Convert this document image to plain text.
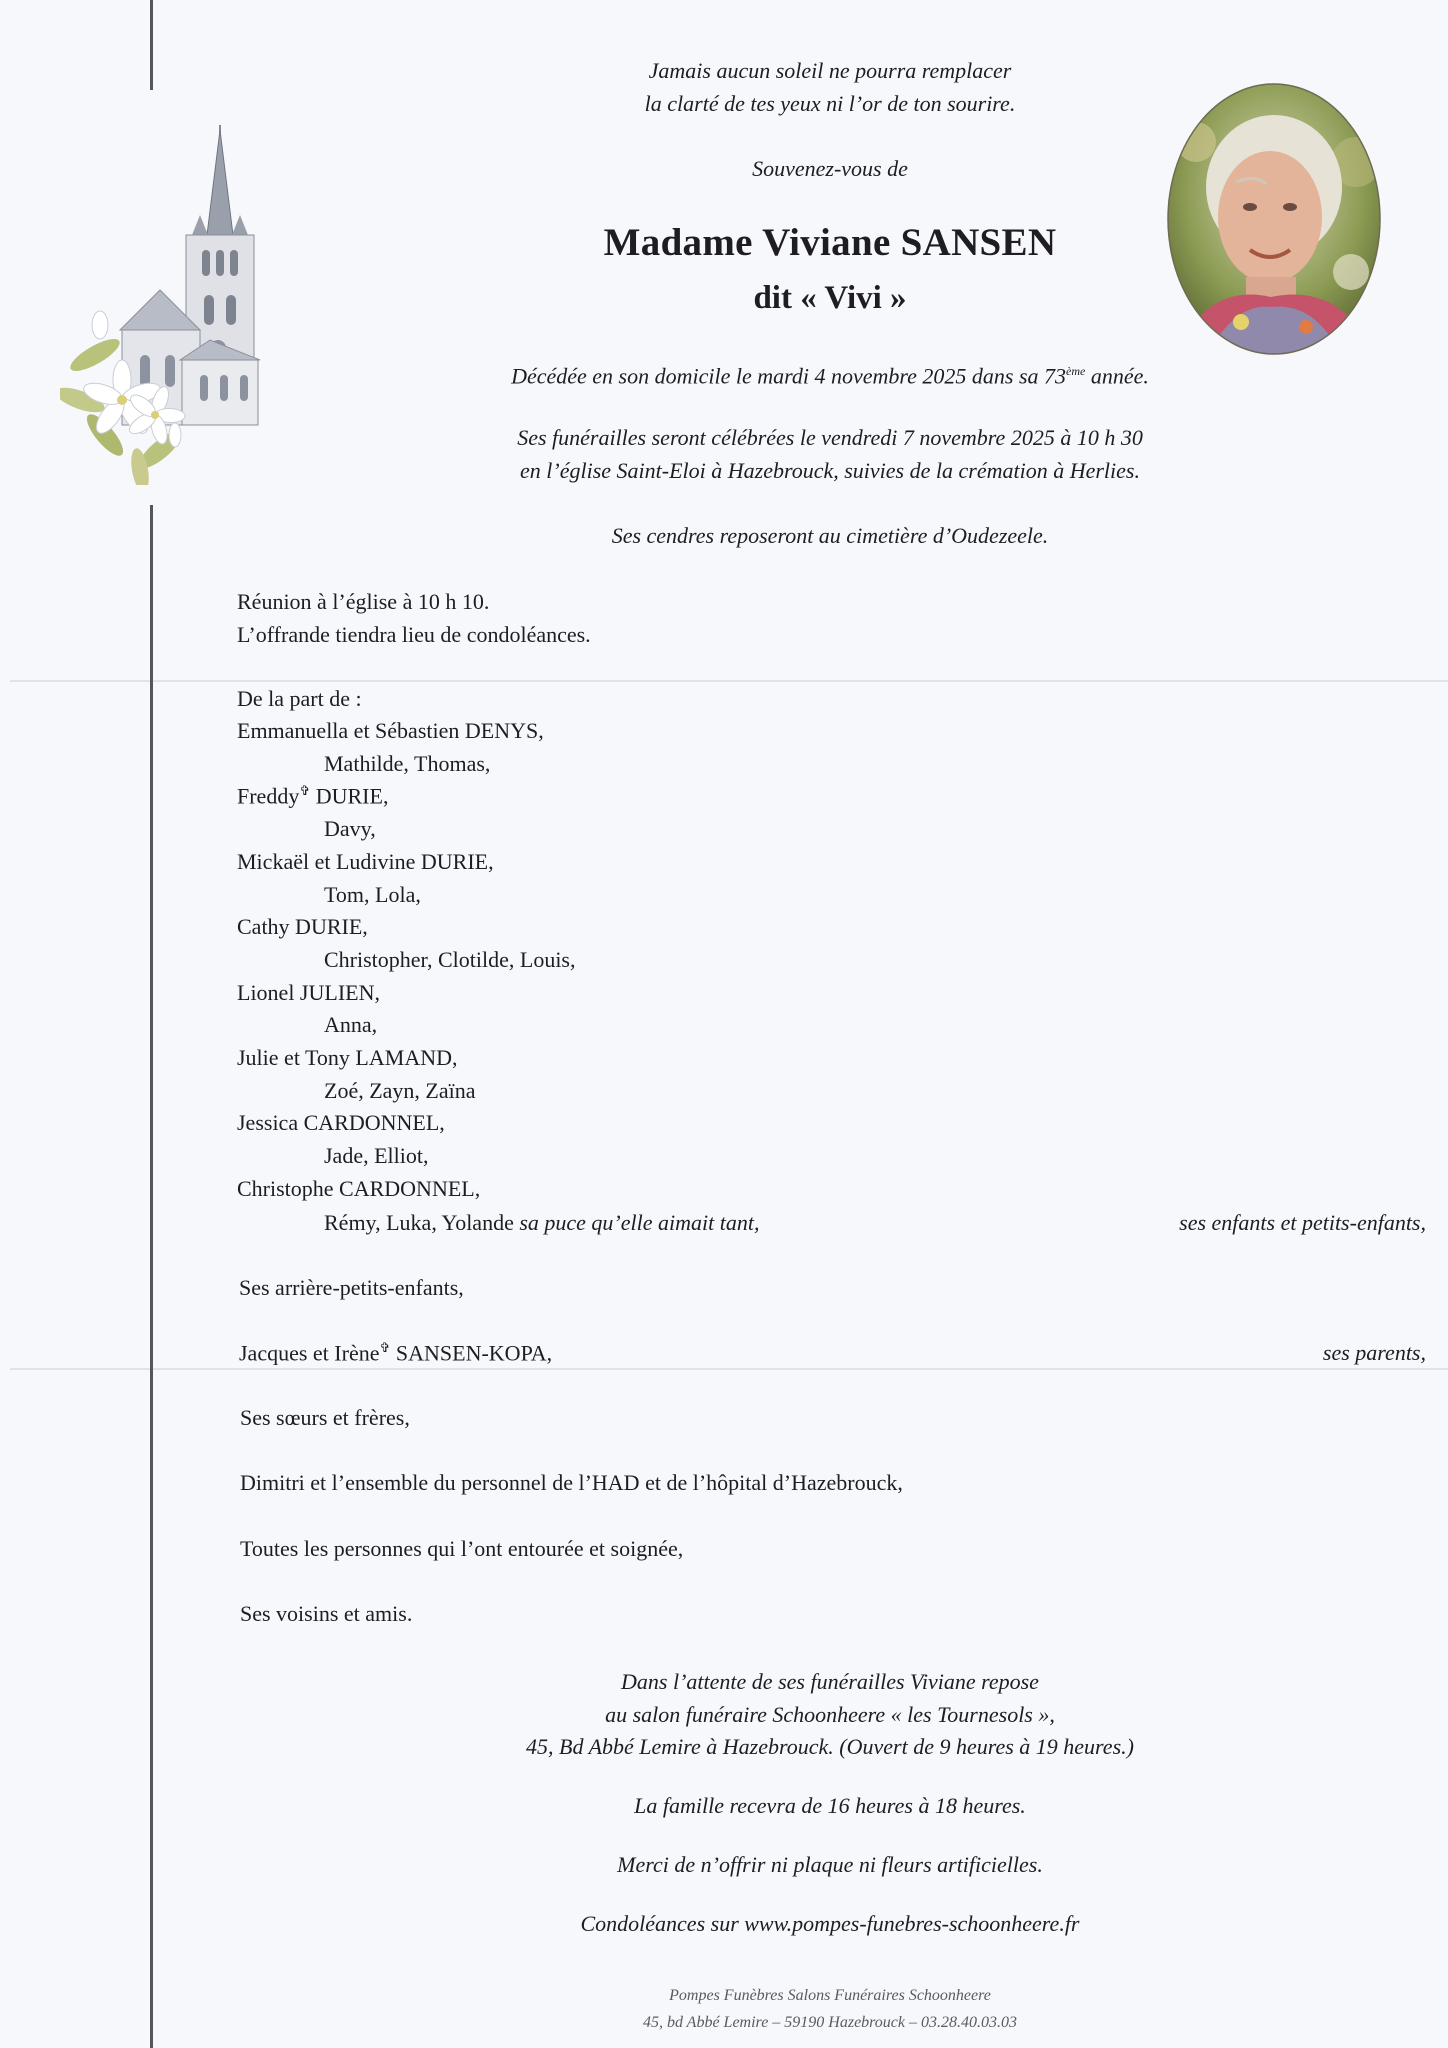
Jamais aucun soleil ne pourra remplacer
la clarté de tes yeux ni l’or de ton sourire.
Souvenez-vous de
Madame Viviane SANSEN
dit « Vivi »
Décédée en son domicile le mardi 4 novembre 2025 dans sa 73ème année.
Ses funérailles seront célébrées le vendredi 7 novembre 2025 à 10 h 30
en l’église Saint-Eloi à Hazebrouck, suivies de la crémation à Herlies.
Ses cendres reposeront au cimetière d’Oudezeele.
Réunion à l’église à 10 h 10.
L’offrande tiendra lieu de condoléances.
De la part de :
Emmanuella et Sébastien DENYS,
Mathilde, Thomas,
Freddy✞ DURIE,
Davy,
Mickaël et Ludivine DURIE,
Tom, Lola,
Cathy DURIE,
Christopher, Clotilde, Louis,
Lionel JULIEN,
Anna,
Julie et Tony LAMAND,
Zoé, Zayn, Zaïna
Jessica CARDONNEL,
Jade, Elliot,
Christophe CARDONNEL,
Rémy, Luka, Yolande sa puce qu’elle aimait tant,	ses enfants et petits-enfants,
Ses arrière-petits-enfants,
Jacques et Irène✞ SANSEN-KOPA,	ses parents,
Ses sœurs et frères,
Dimitri et l’ensemble du personnel de l’HAD et de l’hôpital d’Hazebrouck,
Toutes les personnes qui l’ont entourée et soignée,
Ses voisins et amis.
Dans l’attente de ses funérailles Viviane repose
au salon funéraire Schoonheere « les Tournesols »,
45, Bd Abbé Lemire à Hazebrouck. (Ouvert de 9 heures à 19 heures.)
La famille recevra de 16 heures à 18 heures.
Merci de n’offrir ni plaque ni fleurs artificielles.
Condoléances sur www.pompes-funebres-schoonheere.fr
Pompes Funèbres Salons Funéraires Schoonheere
45, bd Abbé Lemire – 59190 Hazebrouck – 03.28.40.03.03
